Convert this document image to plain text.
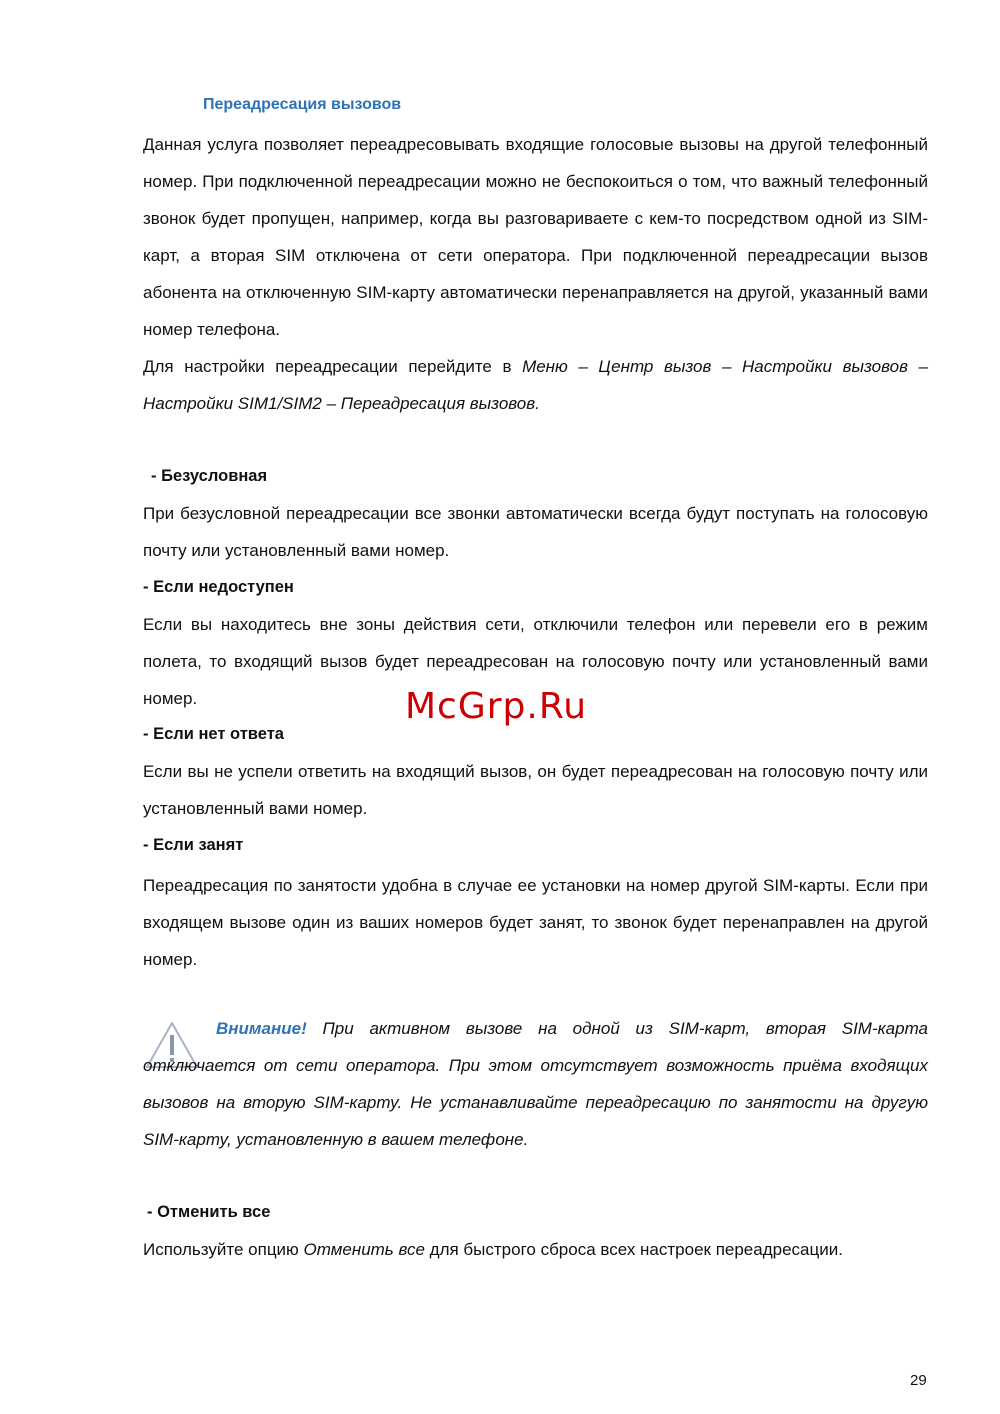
Переадресация вызовов

Данная услуга позволяет переадресовывать входящие голосовые вызовы на другой телефонный номер. При подключенной переадресации можно не беспокоиться о том, что важный телефонный звонок будет пропущен, например, когда вы разговариваете с кем-то посредством одной из SIM-карт, а вторая SIM отключена от сети оператора. При подключенной переадресации вызов абонента на отключенную SIM-карту автоматически перенаправляется на другой, указанный вами номер телефона.

Для настройки переадресации перейдите в Меню – Центр вызов – Настройки вызовов – Настройки SIM1/SIM2 – Переадресация вызовов.

- Безусловная

При безусловной переадресации все звонки автоматически всегда будут поступать на голосовую почту или установленный вами номер.

- Если недоступен

Если вы находитесь вне зоны действия сети, отключили телефон или перевели его в режим полета, то входящий вызов будет переадресован на голосовую почту или установленный вами номер.

- Если нет ответа

Если вы не успели ответить на входящий вызов, он будет переадресован на голосовую почту или установленный вами номер.

- Если занят

Переадресация по занятости удобна в случае ее установки на номер другой SIM-карты. Если при входящем вызове один из ваших номеров будет занят, то звонок будет перенаправлен на другой номер.

Внимание! При активном вызове на одной из SIM-карт, вторая SIM-карта отключается от сети оператора. При этом отсутствует возможность приёма входящих вызовов на вторую SIM-карту. Не устанавливайте переадресацию по занятости на другую SIM-карту, установленную в вашем телефоне.

- Отменить все

Используйте опцию Отменить все для быстрого сброса всех настроек переадресации.

McGrp.Ru
29
